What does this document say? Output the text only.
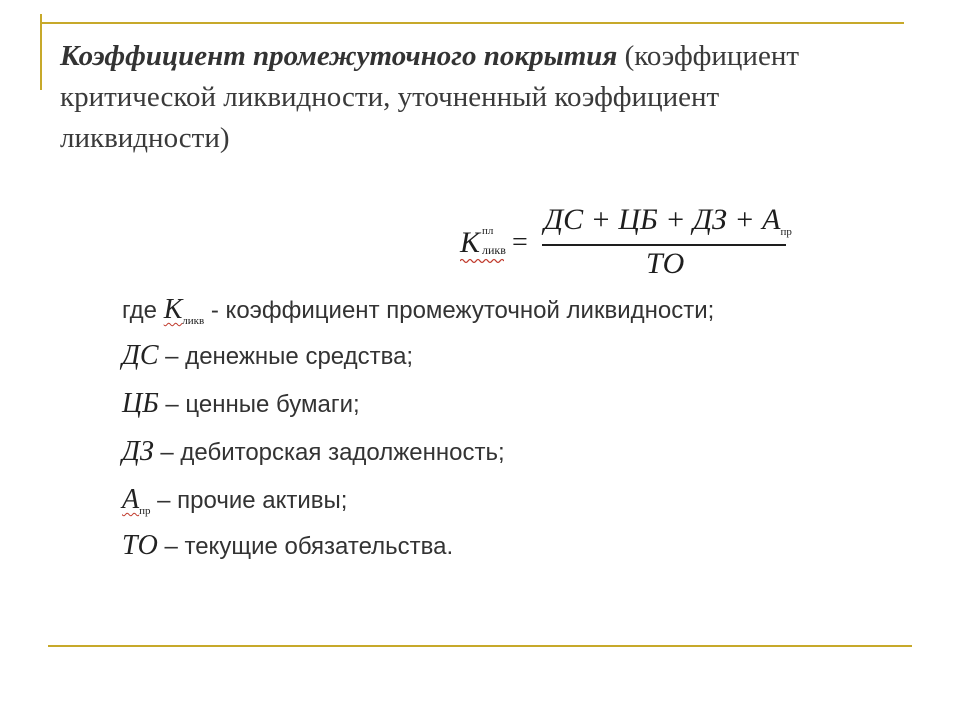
Коэффициент промежуточного покрытия (коэффициент критической ликвидности, уточненный коэффициент ликвидности)
К пл
ликв =
ДС + ЦБ + ДЗ + $А_{пр}$
ТО
где $К_{ликв}$ - коэффициент промежуточной ликвидности;
ДС – денежные средства;
ЦБ – ценные бумаги;
ДЗ – дебиторская задолженность;
$А_{пр}$ – прочие активы;
ТО – текущие обязательства.
